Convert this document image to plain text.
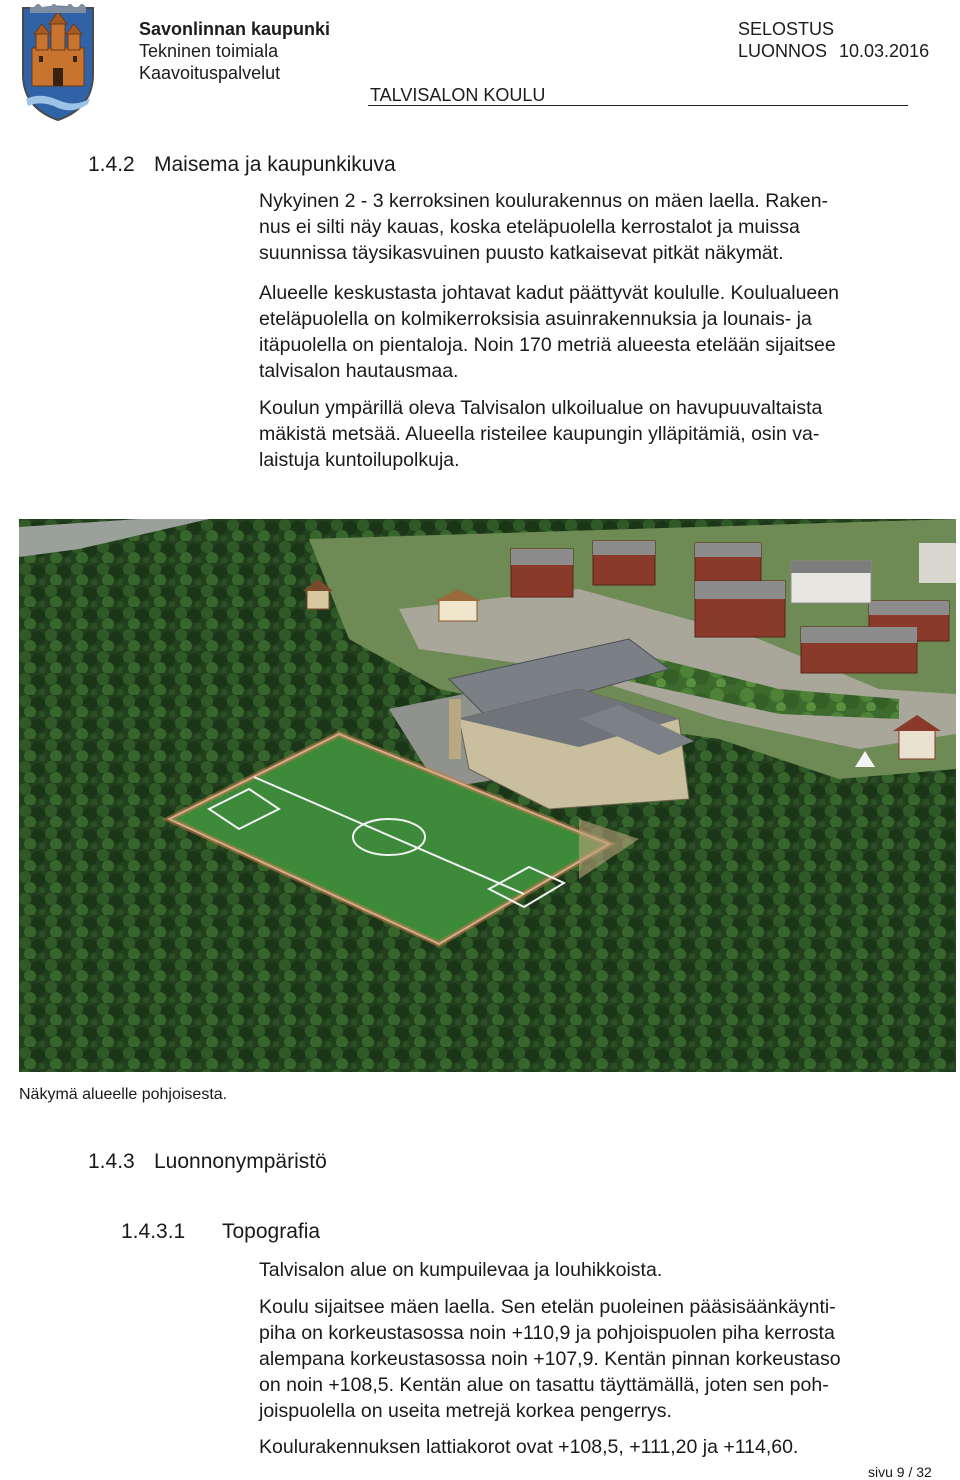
Savonlinnan kaupunki
Tekninen toimiala
Kaavoituspalvelut
SELOSTUS
LUONNOS 10.03.2016
TALVISALON KOULU
1.4.2 Maisema ja kaupunkikuva
Nykyinen 2 - 3 kerroksinen koulurakennus on mäen laella. Raken-
nus ei silti näy kauas, koska eteläpuolella kerrostalot ja muissa
suunnissa täysikasvuinen puusto katkaisevat pitkät näkymät.
Alueelle keskustasta johtavat kadut päättyvät koululle. Koulualueen
eteläpuolella on kolmikerroksisia asuinrakennuksia ja lounais- ja
itäpuolella on pientaloja. Noin 170 metriä alueesta etelään sijaitsee
talvisalon hautausmaa.
Koulun ympärillä oleva Talvisalon ulkoilualue on havupuuvaltaista
mäkistä metsää. Alueella risteilee kaupungin ylläpitämiä, osin va-
laistuja kuntoilupolkuja.
Näkymä alueelle pohjoisesta.
1.4.3 Luonnonympäristö
1.4.3.1 Topografia
Talvisalon alue on kumpuilevaa ja louhikkoista.
Koulu sijaitsee mäen laella. Sen etelän puoleinen pääsisäänkäynti-
piha on korkeustasossa noin +110,9 ja pohjoispuolen piha kerrosta
alempana korkeustasossa noin +107,9. Kentän pinnan korkeustaso
on noin +108,5. Kentän alue on tasattu täyttämällä, joten sen poh-
joispuolella on useita metrejä korkea pengerrys.
Koulurakennuksen lattiakorot ovat +108,5, +111,20 ja +114,60.
sivu 9 / 32
